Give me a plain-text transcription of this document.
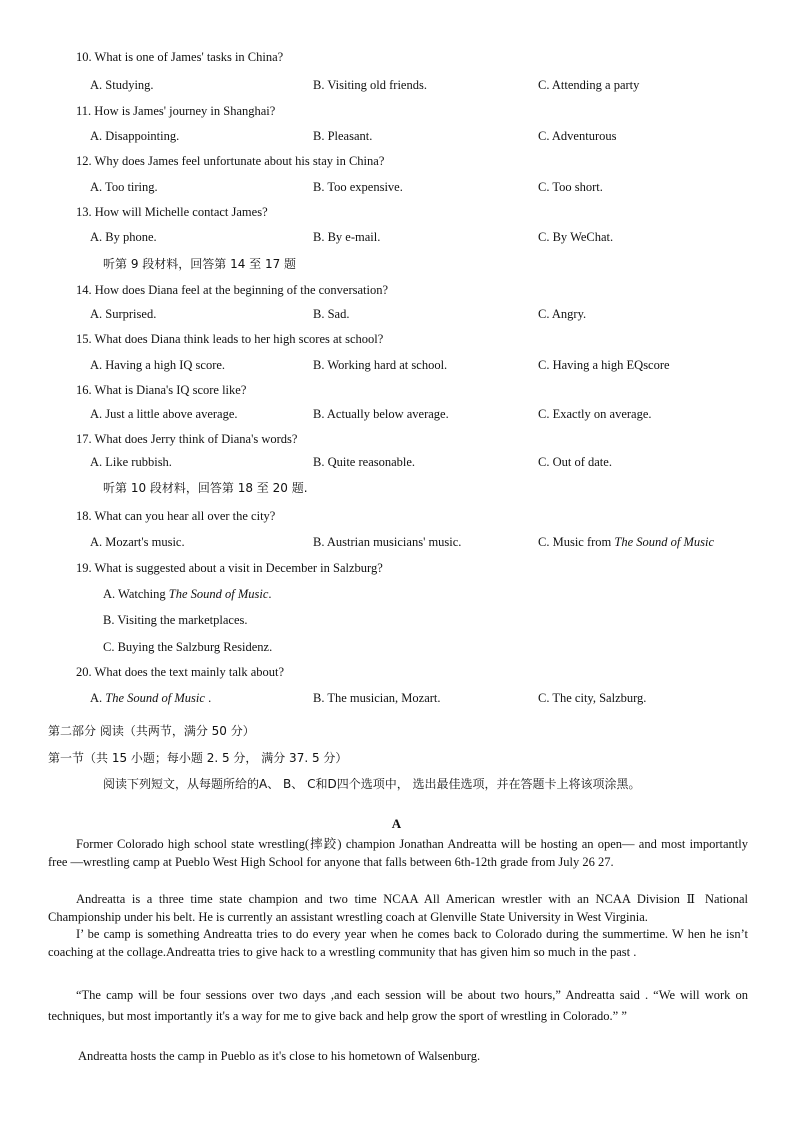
10. What is one of James' tasks in China?
A. Studying.	B. Visiting old friends.	C. Attending a party
11. How is James' journey in Shanghai?
A. Disappointing.	B. Pleasant.	C. Adventurous
12. Why does James feel unfortunate about his stay in China?
A. Too tiring.	B. Too expensive.	C. Too short.
13. How will Michelle contact James?
A. By phone.	B. By e-mail.	C. By WeChat.
听第 9 段材料，回答第 14 至 17 题
14. How does Diana feel at the beginning of the conversation?
A. Surprised.	B. Sad.	C. Angry.
15. What does Diana think leads to her high scores at school?
A. Having a high IQ score.	B. Working hard at school.	C. Having a high EQscore
16. What is Diana's IQ score like?
A. Just a little above average.	B. Actually below average.	C. Exactly on average.
17. What does Jerry think of Diana's words?
A. Like rubbish.	B. Quite reasonable.	C. Out of date.
听第 10 段材料，回答第 18 至 20 题.
18. What can you hear all over the city?
A. Mozart's music.	B. Austrian musicians' music.	C. Music from The Sound of Music
19. What is suggested about a visit in December in Salzburg?
A. Watching The Sound of Music.
B. Visiting the marketplaces.
C. Buying the Salzburg Residenz.
20. What does the text mainly talk about?
A. The Sound of Music .	B. The musician, Mozart.	C. The city, Salzburg.
第二部分 阅读（共两节，满分 50 分）
第一节（共 15 小题；每小题 2. 5 分， 满分 37. 5 分）
阅读下列短文，从每题所给的A、 B、 C和D四个选项中， 选出最佳选项，并在答题卡上将该项涂黑。
A
Former Colorado high school state wrestling(摔跤) champion Jonathan Andreatta will be hosting an open— and most importantly free —wrestling camp at Pueblo West High School for anyone that falls between 6th-12th grade from July 26 27.
Andreatta is a three time state champion and two time NCAA All American wrestler with an NCAA Division Ⅱ National Championship under his belt. He is currently an assistant wrestling coach at Glenville State University in West Virginia.
I’ be camp is something Andreatta tries to do every year when he comes back to Colorado during the summertime. W hen he isn’t coaching at the collage.Andreatta tries to give hack to a wrestling community that has given him so much in the past .
“The camp will be four sessions over two days ,and each session will be about two hours,” Andreatta said . “We will work on techniques, but most importantly it's a way for me to give back and help grow the sport of wrestling in Colorado.” ”
Andreatta hosts the camp in Pueblo as it's close to his hometown of Walsenburg.
